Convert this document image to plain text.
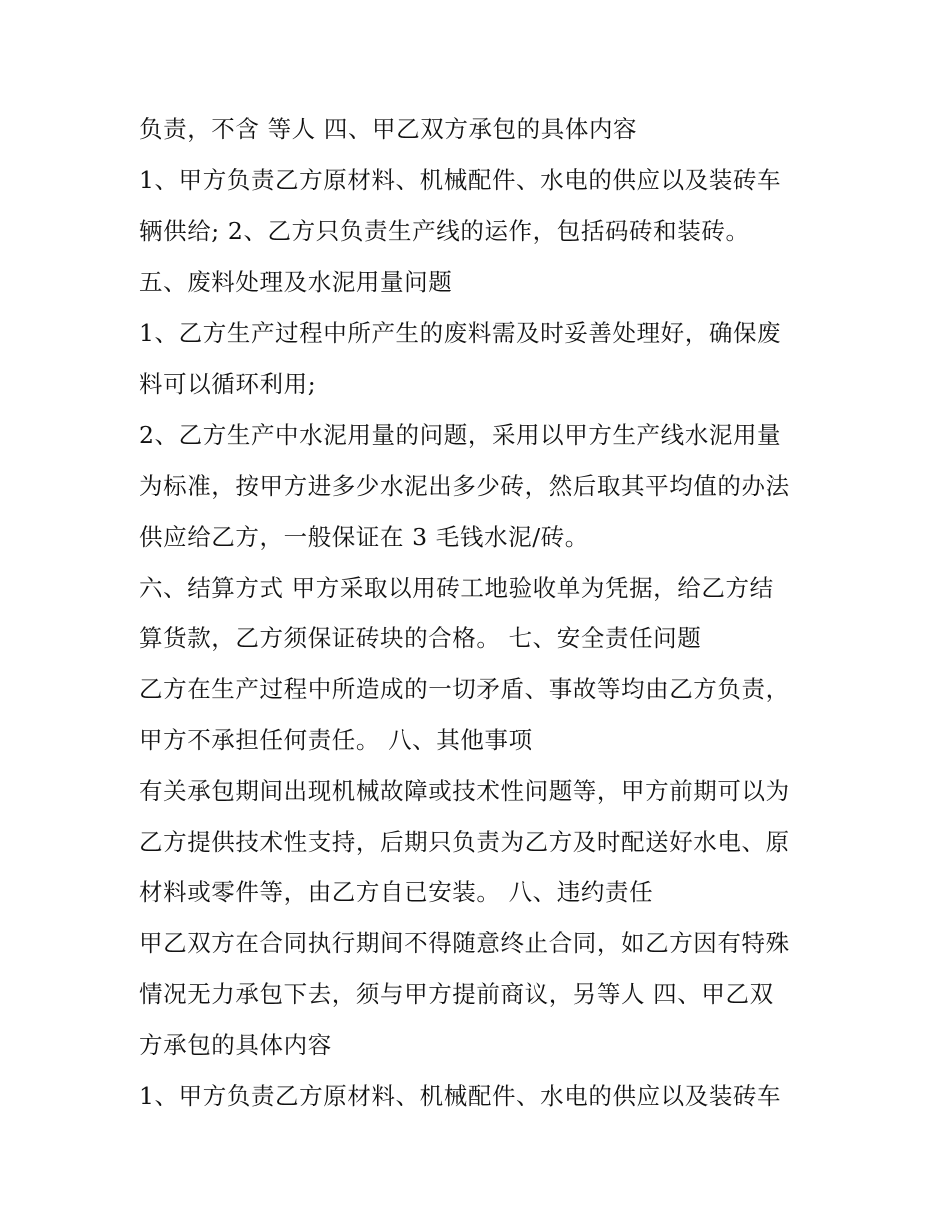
负责，不含 等人 四、甲乙双方承包的具体内容
1、甲方负责乙方原材料、机械配件、水电的供应以及装砖车
辆供给; 2、乙方只负责生产线的运作，包括码砖和装砖。
五、废料处理及水泥用量问题
1、乙方生产过程中所产生的废料需及时妥善处理好，确保废
料可以循环利用;
2、乙方生产中水泥用量的问题，采用以甲方生产线水泥用量
为标准，按甲方进多少水泥出多少砖，然后取其平均值的办法
供应给乙方，一般保证在 3 毛钱水泥/砖。
六、结算方式 甲方采取以用砖工地验收单为凭据，给乙方结
算货款，乙方须保证砖块的合格。 七、安全责任问题
乙方在生产过程中所造成的一切矛盾、事故等均由乙方负责，
甲方不承担任何责任。 八、其他事项
有关承包期间出现机械故障或技术性问题等，甲方前期可以为
乙方提供技术性支持，后期只负责为乙方及时配送好水电、原
材料或零件等，由乙方自已安装。 八、违约责任
甲乙双方在合同执行期间不得随意终止合同，如乙方因有特殊
情况无力承包下去，须与甲方提前商议，另等人 四、甲乙双
方承包的具体内容
1、甲方负责乙方原材料、机械配件、水电的供应以及装砖车
